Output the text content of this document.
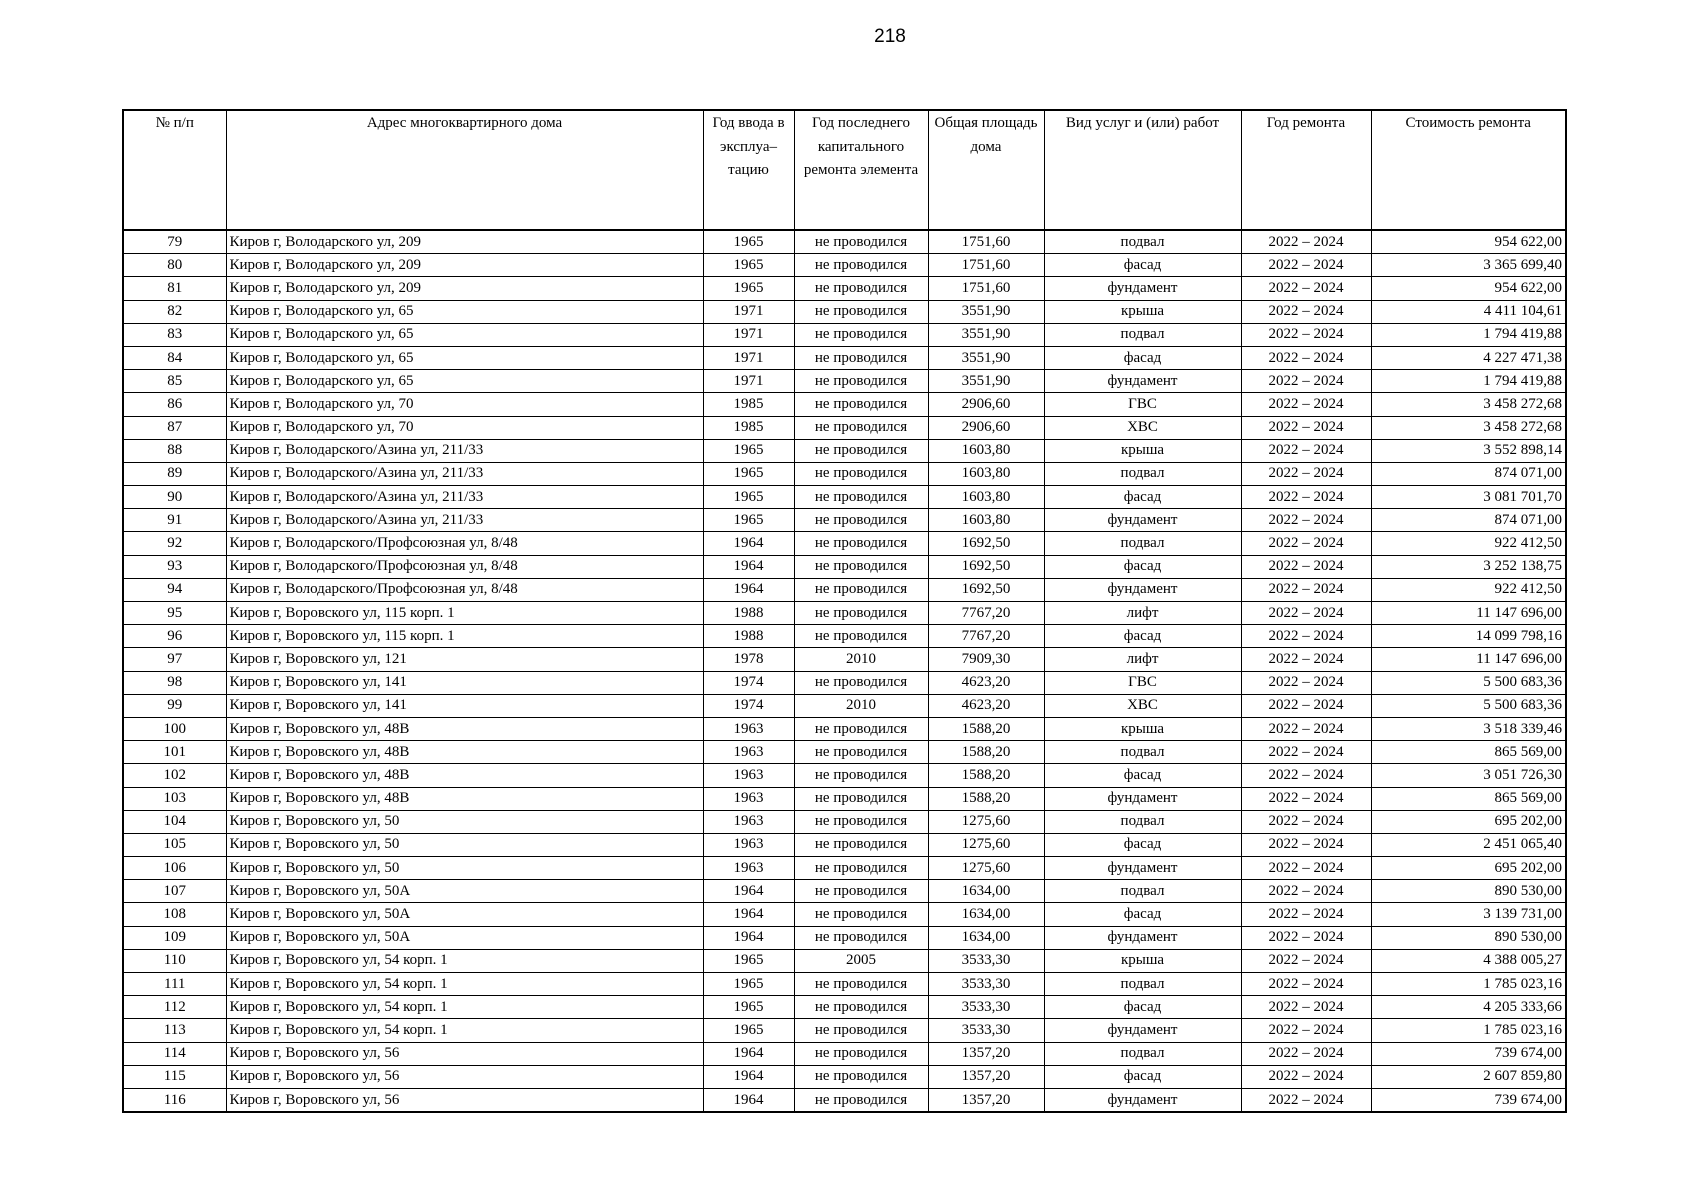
218
№ п/п	Адрес многоквартирного дома	Год ввода в эксплуа–тацию	Год последнего капитального ремонта элемента	Общая площадь дома	Вид услуг и (или) работ	Год ремонта	Стоимость ремонта
79	Киров г, Володарского ул, 209	1965	не проводился	1751,60	подвал	2022 – 2024	954 622,00
80	Киров г, Володарского ул, 209	1965	не проводился	1751,60	фасад	2022 – 2024	3 365 699,40
81	Киров г, Володарского ул, 209	1965	не проводился	1751,60	фундамент	2022 – 2024	954 622,00
82	Киров г, Володарского ул, 65	1971	не проводился	3551,90	крыша	2022 – 2024	4 411 104,61
83	Киров г, Володарского ул, 65	1971	не проводился	3551,90	подвал	2022 – 2024	1 794 419,88
84	Киров г, Володарского ул, 65	1971	не проводился	3551,90	фасад	2022 – 2024	4 227 471,38
85	Киров г, Володарского ул, 65	1971	не проводился	3551,90	фундамент	2022 – 2024	1 794 419,88
86	Киров г, Володарского ул, 70	1985	не проводился	2906,60	ГВС	2022 – 2024	3 458 272,68
87	Киров г, Володарского ул, 70	1985	не проводился	2906,60	ХВС	2022 – 2024	3 458 272,68
88	Киров г, Володарского/Азина ул, 211/33	1965	не проводился	1603,80	крыша	2022 – 2024	3 552 898,14
89	Киров г, Володарского/Азина ул, 211/33	1965	не проводился	1603,80	подвал	2022 – 2024	874 071,00
90	Киров г, Володарского/Азина ул, 211/33	1965	не проводился	1603,80	фасад	2022 – 2024	3 081 701,70
91	Киров г, Володарского/Азина ул, 211/33	1965	не проводился	1603,80	фундамент	2022 – 2024	874 071,00
92	Киров г, Володарского/Профсоюзная ул, 8/48	1964	не проводился	1692,50	подвал	2022 – 2024	922 412,50
93	Киров г, Володарского/Профсоюзная ул, 8/48	1964	не проводился	1692,50	фасад	2022 – 2024	3 252 138,75
94	Киров г, Володарского/Профсоюзная ул, 8/48	1964	не проводился	1692,50	фундамент	2022 – 2024	922 412,50
95	Киров г, Воровского ул, 115 корп. 1	1988	не проводился	7767,20	лифт	2022 – 2024	11 147 696,00
96	Киров г, Воровского ул, 115 корп. 1	1988	не проводился	7767,20	фасад	2022 – 2024	14 099 798,16
97	Киров г, Воровского ул, 121	1978	2010	7909,30	лифт	2022 – 2024	11 147 696,00
98	Киров г, Воровского ул, 141	1974	не проводился	4623,20	ГВС	2022 – 2024	5 500 683,36
99	Киров г, Воровского ул, 141	1974	2010	4623,20	ХВС	2022 – 2024	5 500 683,36
100	Киров г, Воровского ул, 48В	1963	не проводился	1588,20	крыша	2022 – 2024	3 518 339,46
101	Киров г, Воровского ул, 48В	1963	не проводился	1588,20	подвал	2022 – 2024	865 569,00
102	Киров г, Воровского ул, 48В	1963	не проводился	1588,20	фасад	2022 – 2024	3 051 726,30
103	Киров г, Воровского ул, 48В	1963	не проводился	1588,20	фундамент	2022 – 2024	865 569,00
104	Киров г, Воровского ул, 50	1963	не проводился	1275,60	подвал	2022 – 2024	695 202,00
105	Киров г, Воровского ул, 50	1963	не проводился	1275,60	фасад	2022 – 2024	2 451 065,40
106	Киров г, Воровского ул, 50	1963	не проводился	1275,60	фундамент	2022 – 2024	695 202,00
107	Киров г, Воровского ул, 50А	1964	не проводился	1634,00	подвал	2022 – 2024	890 530,00
108	Киров г, Воровского ул, 50А	1964	не проводился	1634,00	фасад	2022 – 2024	3 139 731,00
109	Киров г, Воровского ул, 50А	1964	не проводился	1634,00	фундамент	2022 – 2024	890 530,00
110	Киров г, Воровского ул, 54 корп. 1	1965	2005	3533,30	крыша	2022 – 2024	4 388 005,27
111	Киров г, Воровского ул, 54 корп. 1	1965	не проводился	3533,30	подвал	2022 – 2024	1 785 023,16
112	Киров г, Воровского ул, 54 корп. 1	1965	не проводился	3533,30	фасад	2022 – 2024	4 205 333,66
113	Киров г, Воровского ул, 54 корп. 1	1965	не проводился	3533,30	фундамент	2022 – 2024	1 785 023,16
114	Киров г, Воровского ул, 56	1964	не проводился	1357,20	подвал	2022 – 2024	739 674,00
115	Киров г, Воровского ул, 56	1964	не проводился	1357,20	фасад	2022 – 2024	2 607 859,80
116	Киров г, Воровского ул, 56	1964	не проводился	1357,20	фундамент	2022 – 2024	739 674,00
